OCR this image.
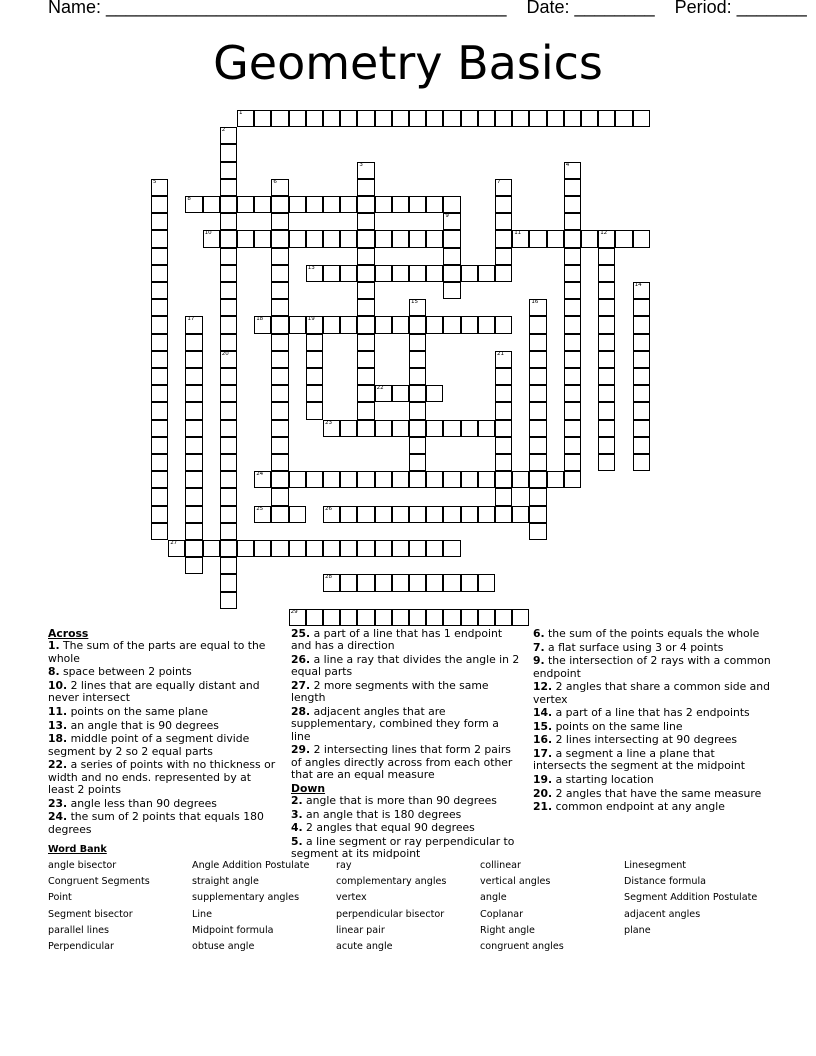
Name: ________________________________________ Date: ________ Period: _______
Geometry Basics
1
8
10	11	12
13
18	19
22
23
24
25	26
27
28
29
2
20
3	4
5	6	7
9
14
15	16
17
21
Across
1. The sum of the parts are equal to the whole
8. space between 2 points
10. 2 lines that are equally distant and never intersect
11. points on the same plane
13. an angle that is 90 degrees
18. middle point of a segment divide segment by 2 so 2 equal parts
22. a series of points with no thickness or width and no ends. represented by at least 2 points
23. angle less than 90 degrees
24. the sum of 2 points that equals 180 degrees
25. a part of a line that has 1 endpoint and has a direction
26. a line a ray that divides the angle in 2 equal parts
27. 2 more segments with the same length
28. adjacent angles that are supplementary, combined they form a line
29. 2 intersecting lines that form 2 pairs of angles directly across from each other that are an equal measure
Down
2. angle that is more than 90 degrees
3. an angle that is 180 degrees
4. 2 angles that equal 90 degrees
5. a line segment or ray perpendicular to segment at its midpoint
6. the sum of the points equals the whole
7. a flat surface using 3 or 4 points
9. the intersection of 2 rays with a common endpoint
12. 2 angles that share a common side and vertex
14. a part of a line that has 2 endpoints
15. points on the same line
16. 2 lines intersecting at 90 degrees
17. a segment a line a plane that intersects the segment at the midpoint
19. a starting location
20. 2 angles that have the same measure
21. common endpoint at any angle
Word Bank
angle bisector	Angle Addition Postulate	ray	collinear	Linesegment
Congruent Segments	straight angle	complementary angles	vertical angles	Distance formula
Point	supplementary angles	vertex	angle	Segment Addition Postulate
Segment bisector	Line	perpendicular bisector	Coplanar	adjacent angles
parallel lines	Midpoint formula	linear pair	Right angle	plane
Perpendicular	obtuse angle	acute angle	congruent angles
